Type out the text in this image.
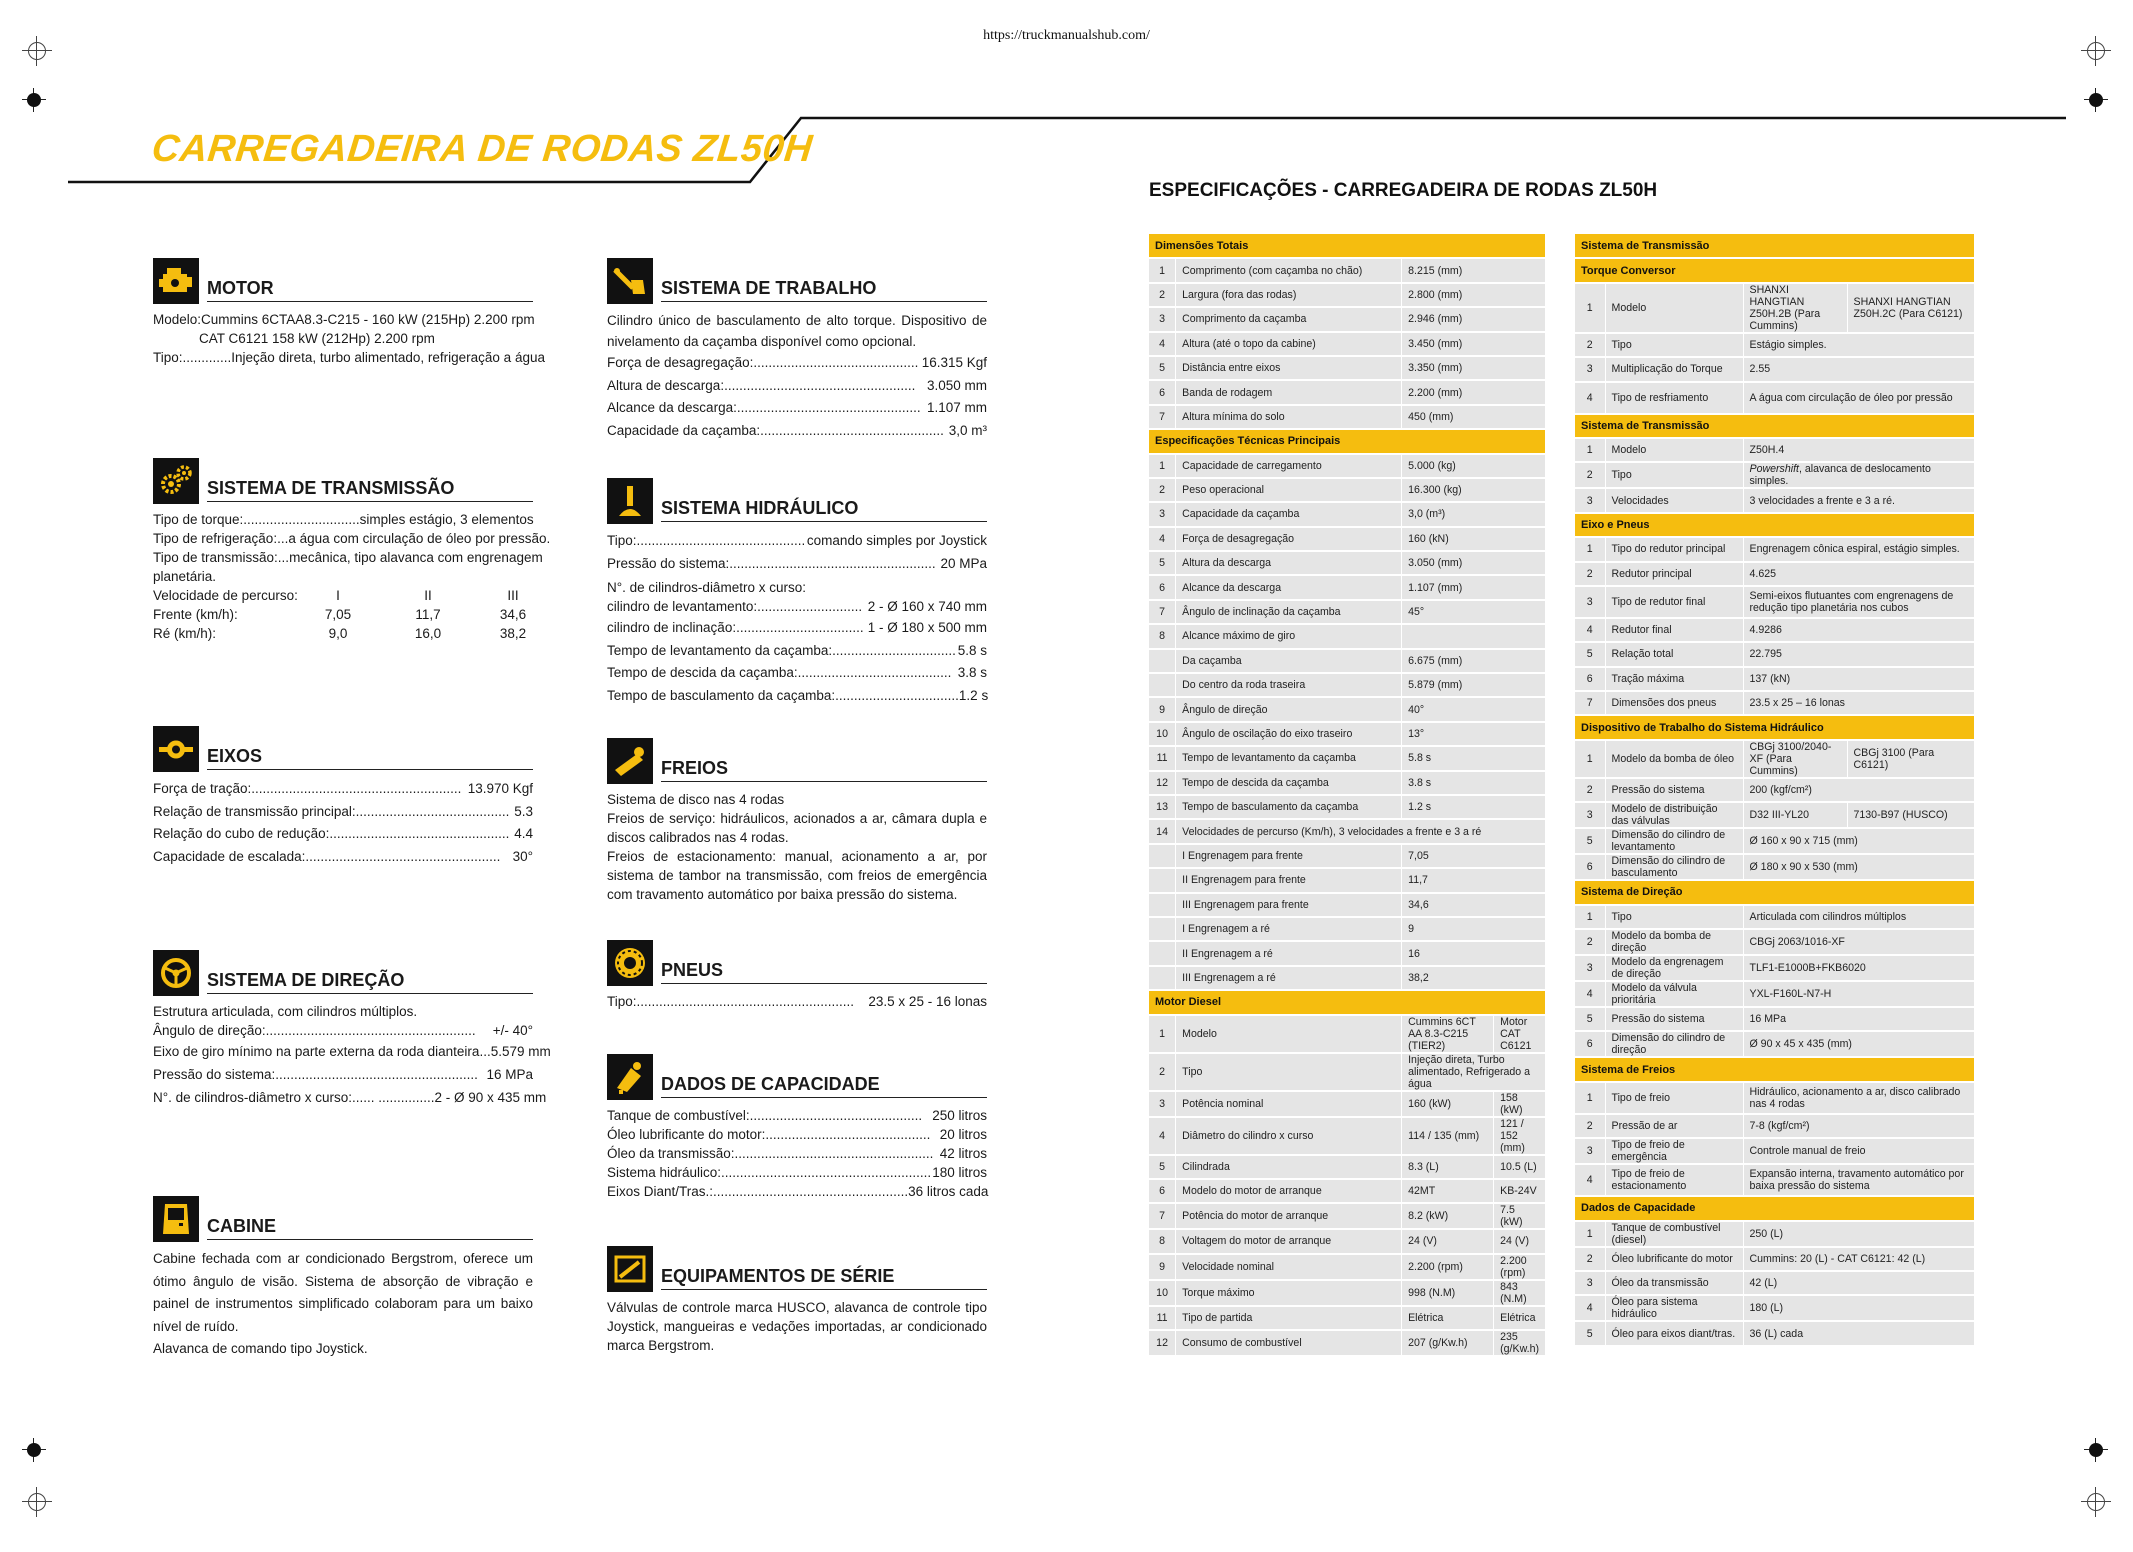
https://truckmanualshub.com/
CARREGADEIRA DE RODAS ZL50H
ESPECIFICAÇÕES - CARREGADEIRA DE RODAS ZL50H
MOTOR
Modelo:Cummins 6CTAA8.3-C215 - 160 kW (215Hp) 2.200 rpm
CAT C6121 158 kW (212Hp) 2.200 rpm
Tipo:.............Injeção direta, turbo alimentado, refrigeração a água
SISTEMA DE TRANSMISSÃO
Tipo de torque:............................... simples estágio, 3 elementos
Tipo de refrigeração:... a água com circulação de óleo por pressão.
Tipo de transmissão:... mecânica, tipo alavanca com engrenagem
planetária.
Velocidade de percurso:	I	II	III
Frente (km/h):	7,05	11,7	34,6
Ré (km/h):	9,0	16,0	38,2
EIXOS
Força de tração:........................................................ 13.970 Kgf
Relação de transmissão principal:......................................... 5.3
Relação do cubo de redução:................................................ 4.4
Capacidade de escalada:.................................................... 30°
SISTEMA DE DIREÇÃO
Estrutura articulada, com cilindros múltiplos.
Ângulo de direção:........................................................ +/- 40°
Eixo de giro mínimo na parte externa da roda dianteira... 5.579 mm
Pressão do sistema:...................................................... 16 MPa
N°. de cilindros-diâmetro x curso:...... ............... 2 - Ø 90 x 435 mm
CABINE
Cabine fechada com ar condicionado Bergstrom, oferece um ótimo ângulo de visão. Sistema de absorção de vibração e painel de instrumentos simplificado colaboram para um baixo nível de ruído.
Alavanca de comando tipo Joystick.
SISTEMA DE TRABALHO
Cilindro único de basculamento de alto torque. Dispositivo de nivelamento da caçamba disponível como opcional.
Força de desagregação:............................................ 16.315 Kgf
Altura de descarga:................................................... 3.050 mm
Alcance da descarga:................................................. 1.107 mm
Capacidade da caçamba:................................................. 3,0 m³
SISTEMA HIDRÁULICO
Tipo:............................................. comando simples por Joystick
Pressão do sistema:....................................................... 20 MPa
N°. de cilindros-diâmetro x curso:
cilindro de levantamento:............................ 2 - Ø 160 x 740 mm
cilindro de inclinação:.................................. 1 - Ø 180 x 500 mm
Tempo de levantamento da caçamba:................................. 5.8 s
Tempo de descida da caçamba:......................................... 3.8 s
Tempo de basculamento da caçamba:................................. 1.2 s
FREIOS
Sistema de disco nas 4 rodas
Freios de serviço: hidráulicos, acionados a ar, câmara dupla e discos calibrados nas 4 rodas.
Freios de estacionamento: manual, acionamento a ar, por sistema de tambor na transmissão, com freios de emergência com travamento automático por baixa pressão do sistema.
PNEUS
Tipo:.......................................................... 23.5 x 25 - 16 lonas
DADOS DE CAPACIDADE
Tanque de combustível:.............................................. 250 litros
Óleo lubrificante do motor:............................................ 20 litros
Óleo da transmissão:..................................................... 42 litros
Sistema hidráulico:........................................................ 180 litros
Eixos Diant/Tras.:.................................................... 36 litros cada
EQUIPAMENTOS DE SÉRIE
Válvulas de controle marca HUSCO, alavanca de controle tipo Joystick, mangueiras e vedações importadas, ar condicionado marca Bergstrom.
Dimensões Totais			
1	Comprimento (com caçamba no chão)	8.215 (mm)	
2	Largura (fora das rodas)	2.800 (mm)	
3	Comprimento da caçamba	2.946 (mm)	
4	Altura (até o topo da cabine)	3.450 (mm)	
5	Distância entre eixos	3.350 (mm)	
6	Banda de rodagem	2.200 (mm)	
7	Altura mínima do solo	450 (mm)	
Especificações Técnicas Principais			
1	Capacidade de carregamento	5.000 (kg)	
2	Peso operacional	16.300 (kg)	
3	Capacidade da caçamba	3,0 (m³)	
4	Força de desagregação	160 (kN)	
5	Altura da descarga	3.050 (mm)	
6	Alcance da descarga	1.107 (mm)	
7	Ângulo de inclinação da caçamba	45°	
8	Alcance máximo de giro		
	Da caçamba	6.675 (mm)	
	Do centro da roda traseira	5.879 (mm)	
9	Ângulo de direção	40°	
10	Ângulo de oscilação do eixo traseiro	13°	
11	Tempo de levantamento da caçamba	5.8 s	
12	Tempo de descida da caçamba	3.8 s	
13	Tempo de basculamento da caçamba	1.2 s	
14	Velocidades de percurso (Km/h), 3 velocidades a frente e 3 a ré		
	I Engrenagem para frente	7,05	
	II Engrenagem para frente	11,7	
	III Engrenagem para frente	34,6	
	I Engrenagem a ré	9	
	II Engrenagem a ré	16	
	III Engrenagem a ré	38,2	
Motor Diesel			
1	Modelo	Cummins 6CT AA 8.3-C215 (TIER2)	Motor CAT C6121
2	Tipo	Injeção direta, Turbo alimentado, Refrigerado a água	
3	Potência nominal	160 (kW)	158 (kW)
4	Diâmetro do cilindro x curso	114 / 135 (mm)	121 / 152 (mm)
5	Cilindrada	8.3 (L)	10.5 (L)
6	Modelo do motor de arranque	42MT	KB-24V
7	Potência do motor de arranque	8.2 (kW)	7.5 (kW)
8	Voltagem do motor de arranque	24 (V)	24 (V)
9	Velocidade nominal	2.200 (rpm)	2.200 (rpm)
10	Torque máximo	998 (N.M)	843 (N.M)
11	Tipo de partida	Elétrica	Elétrica
12	Consumo de combustível	207 (g/Kw.h)	235 (g/Kw.h)
Sistema de Transmissão			
Torque Conversor			
1	Modelo	SHANXI HANGTIAN Z50H.2B (Para Cummins)	SHANXI HANGTIAN Z50H.2C (Para C6121)
2	Tipo	Estágio simples.	
3	Multiplicação do Torque	2.55	
4	Tipo de resfriamento	A água com circulação de óleo por pressão	
Sistema de Transmissão			
1	Modelo	Z50H.4	
2	Tipo	Powershift, alavanca de deslocamento simples.	
3	Velocidades	3 velocidades a frente e 3 a ré.	
Eixo e Pneus			
1	Tipo do redutor principal	Engrenagem cônica espiral, estágio simples.	
2	Redutor principal	4.625	
3	Tipo de redutor final	Semi-eixos flutuantes com engrenagens de redução tipo planetária nos cubos	
4	Redutor final	4.9286	
5	Relação total	22.795	
6	Tração máxima	137 (kN)	
7	Dimensões dos pneus	23.5 x 25 – 16 lonas	
Dispositivo de Trabalho do Sistema Hidráulico			
1	Modelo da bomba de óleo	CBGj 3100/2040-XF (Para Cummins)	CBGj 3100 (Para C6121)
2	Pressão do sistema	200 (kgf/cm²)	
3	Modelo de distribuição das válvulas	D32 III-YL20	7130-B97 (HUSCO)
5	Dimensão do cilindro de levantamento	Ø 160 x 90 x 715 (mm)	
6	Dimensão do cilindro de basculamento	Ø 180 x 90 x 530 (mm)	
Sistema de Direção			
1	Tipo	Articulada com cilindros múltiplos	
2	Modelo da bomba de direção	CBGj 2063/1016-XF	
3	Modelo da engrenagem de direção	TLF1-E1000B+FKB6020	
4	Modelo da válvula prioritária	YXL-F160L-N7-H	
5	Pressão do sistema	16 MPa	
6	Dimensão do cilindro de direção	Ø 90 x 45 x 435 (mm)	
Sistema de Freios			
1	Tipo de freio	Hidráulico, acionamento a ar, disco calibrado nas 4 rodas	
2	Pressão de ar	7-8 (kgf/cm²)	
3	Tipo de freio de emergência	Controle manual de freio	
4	Tipo de freio de estacionamento	Expansão interna, travamento automático por baixa pressão do sistema	
Dados de Capacidade			
1	Tanque de combustível (diesel)	250 (L)	
2	Óleo lubrificante do motor	Cummins: 20 (L) - CAT C6121: 42 (L)	
3	Óleo da transmissão	42 (L)	
4	Óleo para sistema hidráulico	180 (L)	
5	Óleo para eixos diant/tras.	36 (L) cada	
